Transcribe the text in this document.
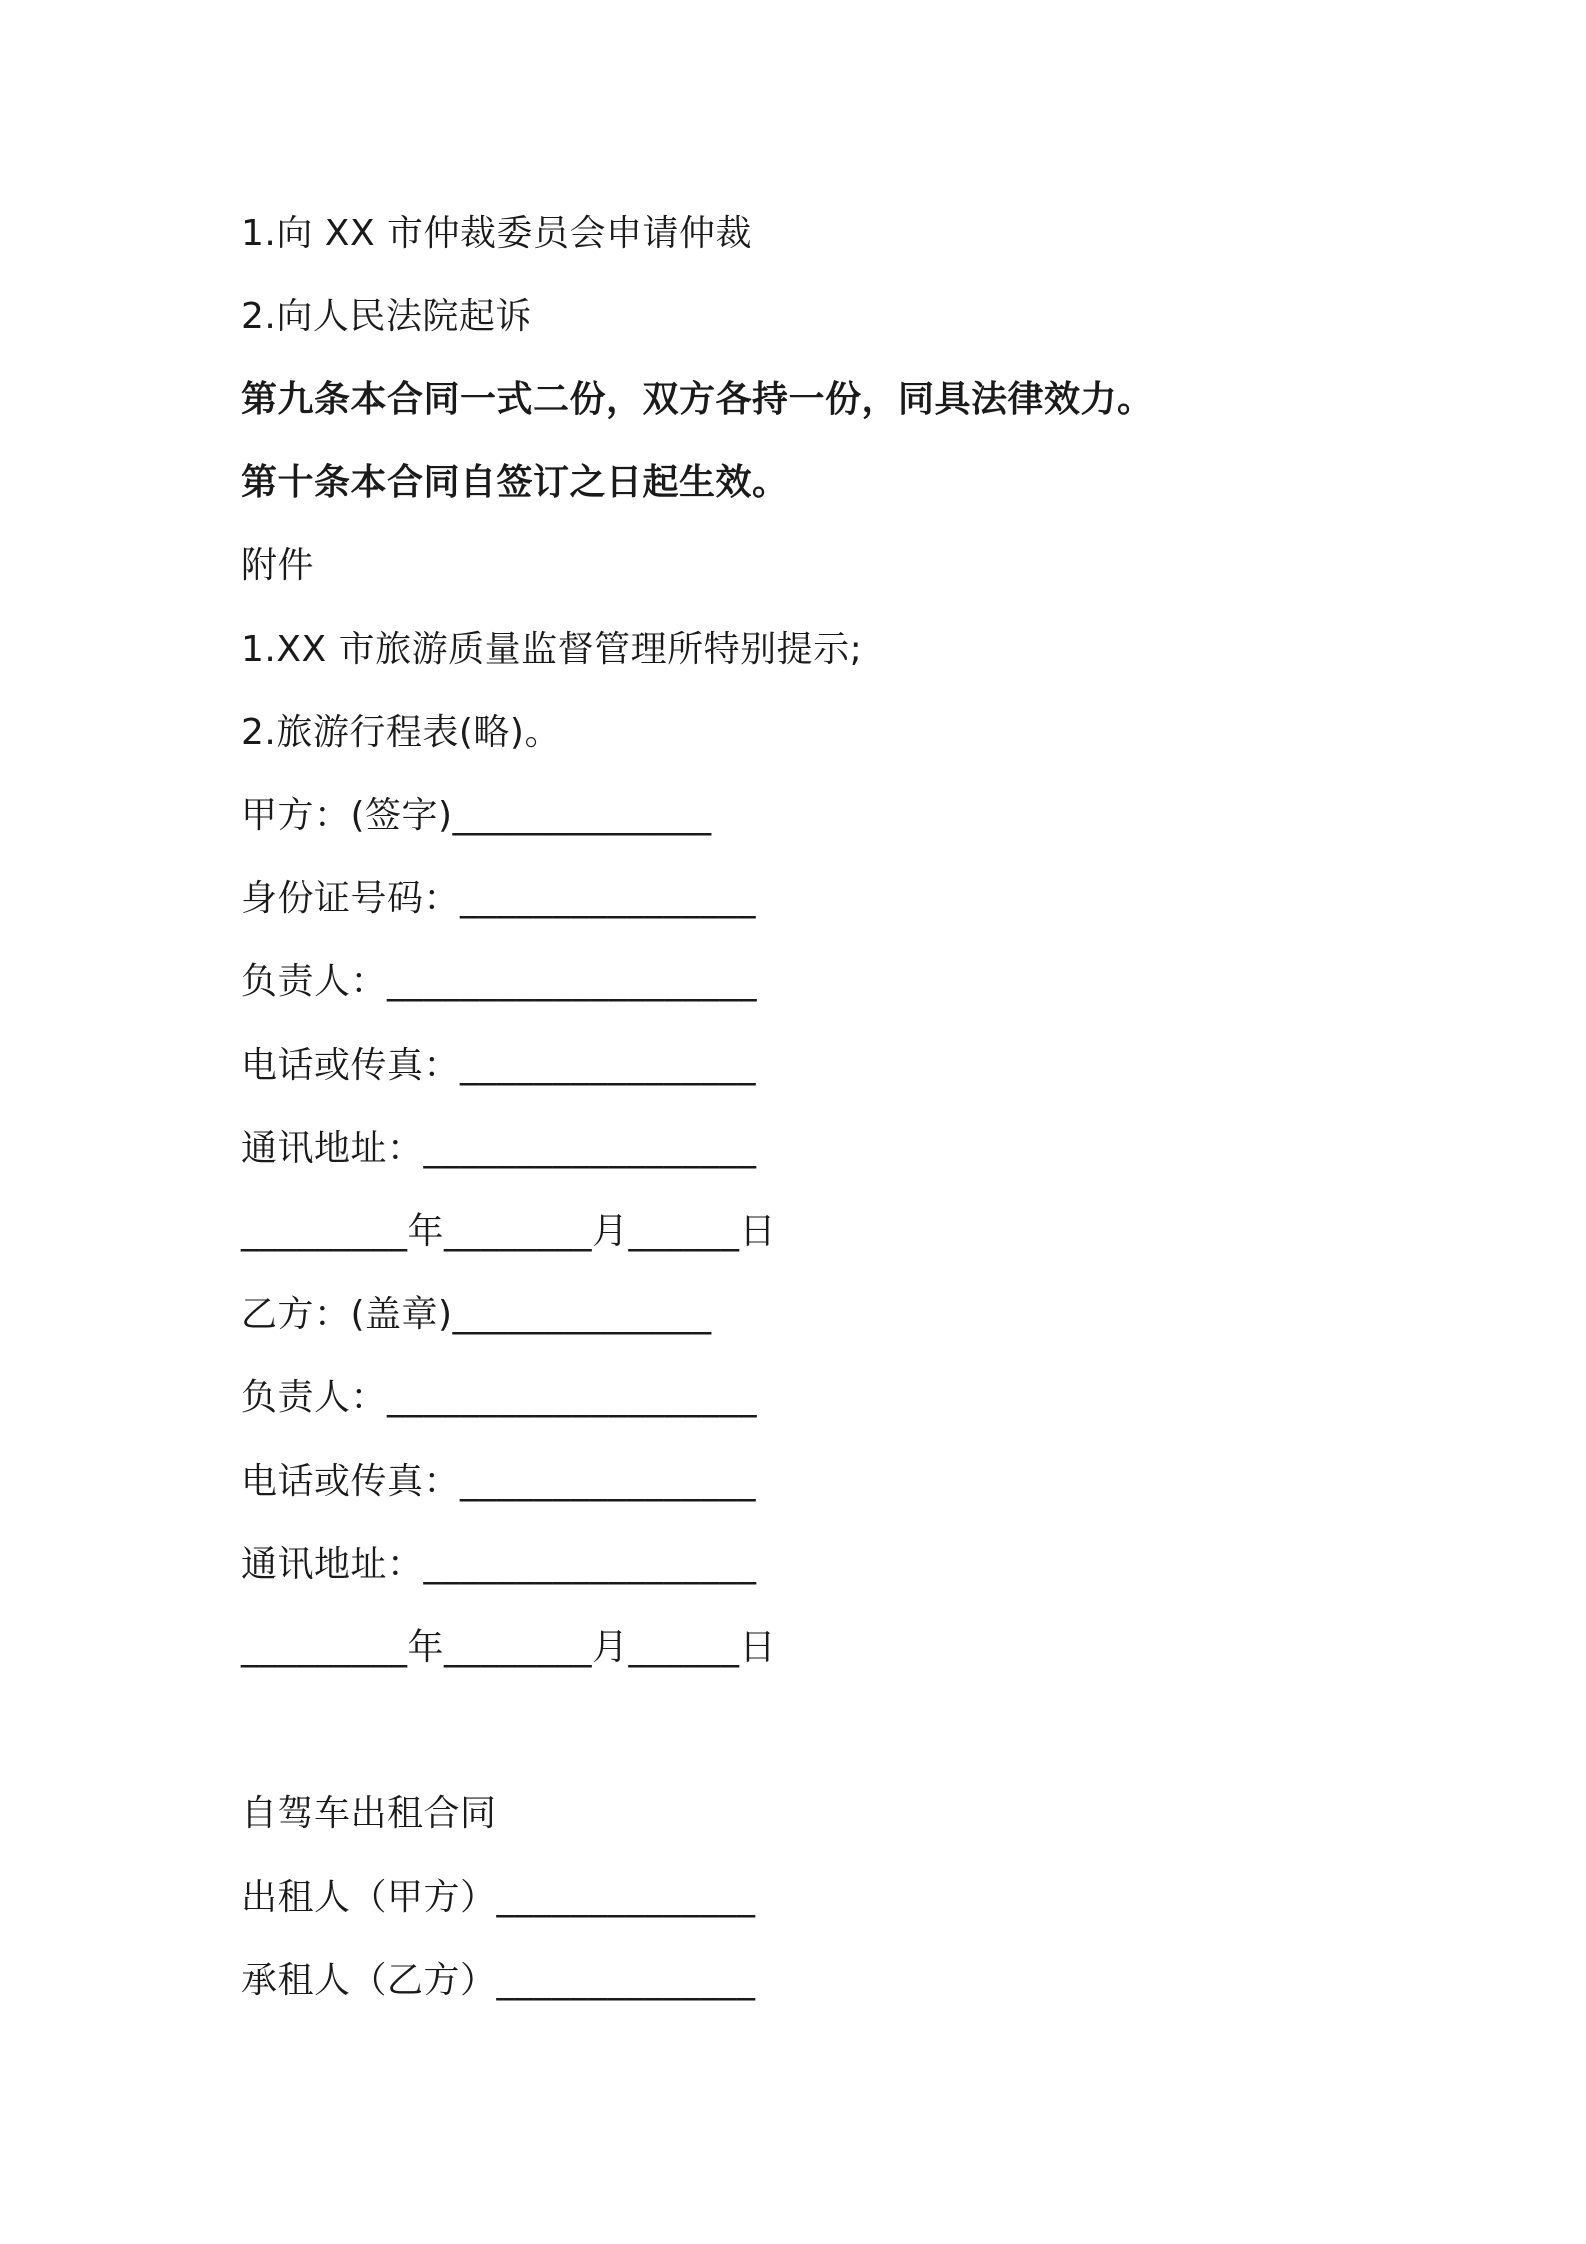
1.向 XX 市仲裁委员会申请仲裁
2.向人民法院起诉
第九条本合同一式二份，双方各持一份，同具法律效力。
第十条本合同自签订之日起生效。
附件
1.XX 市旅游质量监督管理所特别提示;
2.旅游行程表(略)。
甲方：(签字)______________
身份证号码：________________
负责人：____________________
电话或传真：________________
通讯地址：__________________
_________年________月______日
乙方：(盖章)______________
负责人：____________________
电话或传真：________________
通讯地址：__________________
_________年________月______日
自驾车出租合同
出租人（甲方）______________
承租人（乙方）______________
